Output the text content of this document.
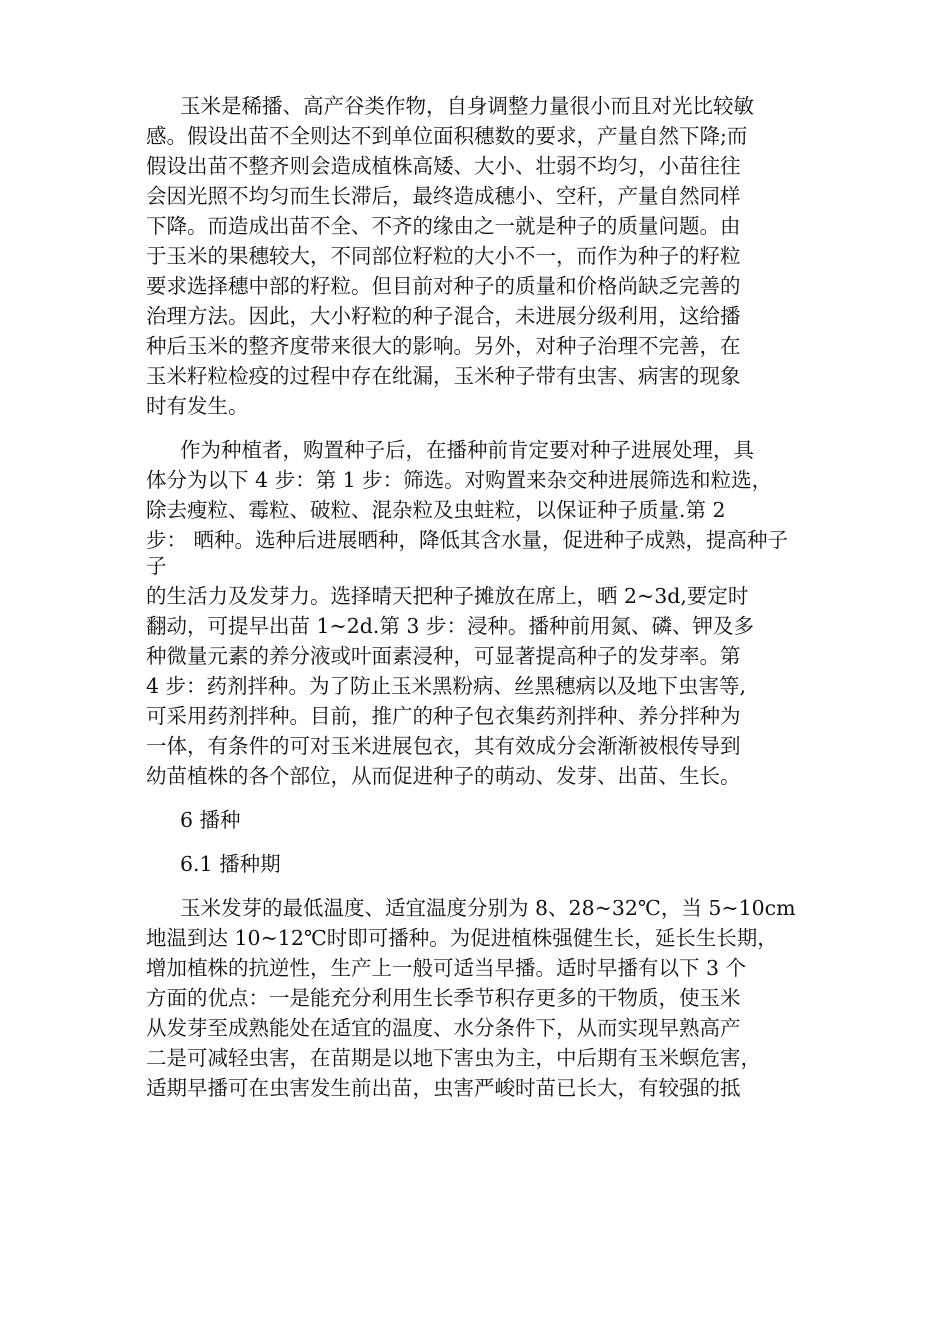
玉米是稀播、高产谷类作物，自身调整力量很小而且对光比较敏
感。假设出苗不全则达不到单位面积穗数的要求，产量自然下降;而
假设出苗不整齐则会造成植株高矮、大小、壮弱不均匀，小苗往往
会因光照不均匀而生长滞后，最终造成穗小、空秆，产量自然同样
下降。而造成出苗不全、不齐的缘由之一就是种子的质量问题。由
于玉米的果穗较大，不同部位籽粒的大小不一，而作为种子的籽粒
要求选择穗中部的籽粒。但目前对种子的质量和价格尚缺乏完善的
治理方法。因此，大小籽粒的种子混合，未进展分级利用，这给播
种后玉米的整齐度带来很大的影响。另外，对种子治理不完善，在
玉米籽粒检疫的过程中存在纰漏，玉米种子带有虫害、病害的现象
时有发生。
作为种植者，购置种子后，在播种前肯定要对种子进展处理，具
体分为以下 4 步：第 1 步：筛选。对购置来杂交种进展筛选和粒选，
除去瘦粒、霉粒、破粒、混杂粒及虫蛀粒，以保证种子质量.第 2
步： 晒种。选种后进展晒种，降低其含水量，促进种子成熟，提高种子
子
的生活力及发芽力。选择晴天把种子摊放在席上，晒 2~3d,要定时
翻动，可提早出苗 1~2d.第 3 步：浸种。播种前用氮、磷、钾及多
种微量元素的养分液或叶面素浸种，可显著提高种子的发芽率。第
4 步：药剂拌种。为了防止玉米黑粉病、丝黑穗病以及地下虫害等,
可采用药剂拌种。目前，推广的种子包衣集药剂拌种、养分拌种为
一体，有条件的可对玉米进展包衣，其有效成分会渐渐被根传导到
幼苗植株的各个部位，从而促进种子的萌动、发芽、出苗、生长。
6 播种
6.1 播种期
玉米发芽的最低温度、适宜温度分别为 8、28~32℃，当 5~10cm
地温到达 10~12℃时即可播种。为促进植株强健生长，延长生长期，
增加植株的抗逆性，生产上一般可适当早播。适时早播有以下 3 个
方面的优点：一是能充分利用生长季节积存更多的干物质，使玉米
从发芽至成熟能处在适宜的温度、水分条件下，从而实现早熟高产
二是可减轻虫害，在苗期是以地下害虫为主，中后期有玉米螟危害，
适期早播可在虫害发生前出苗，虫害严峻时苗已长大，有较强的抵
